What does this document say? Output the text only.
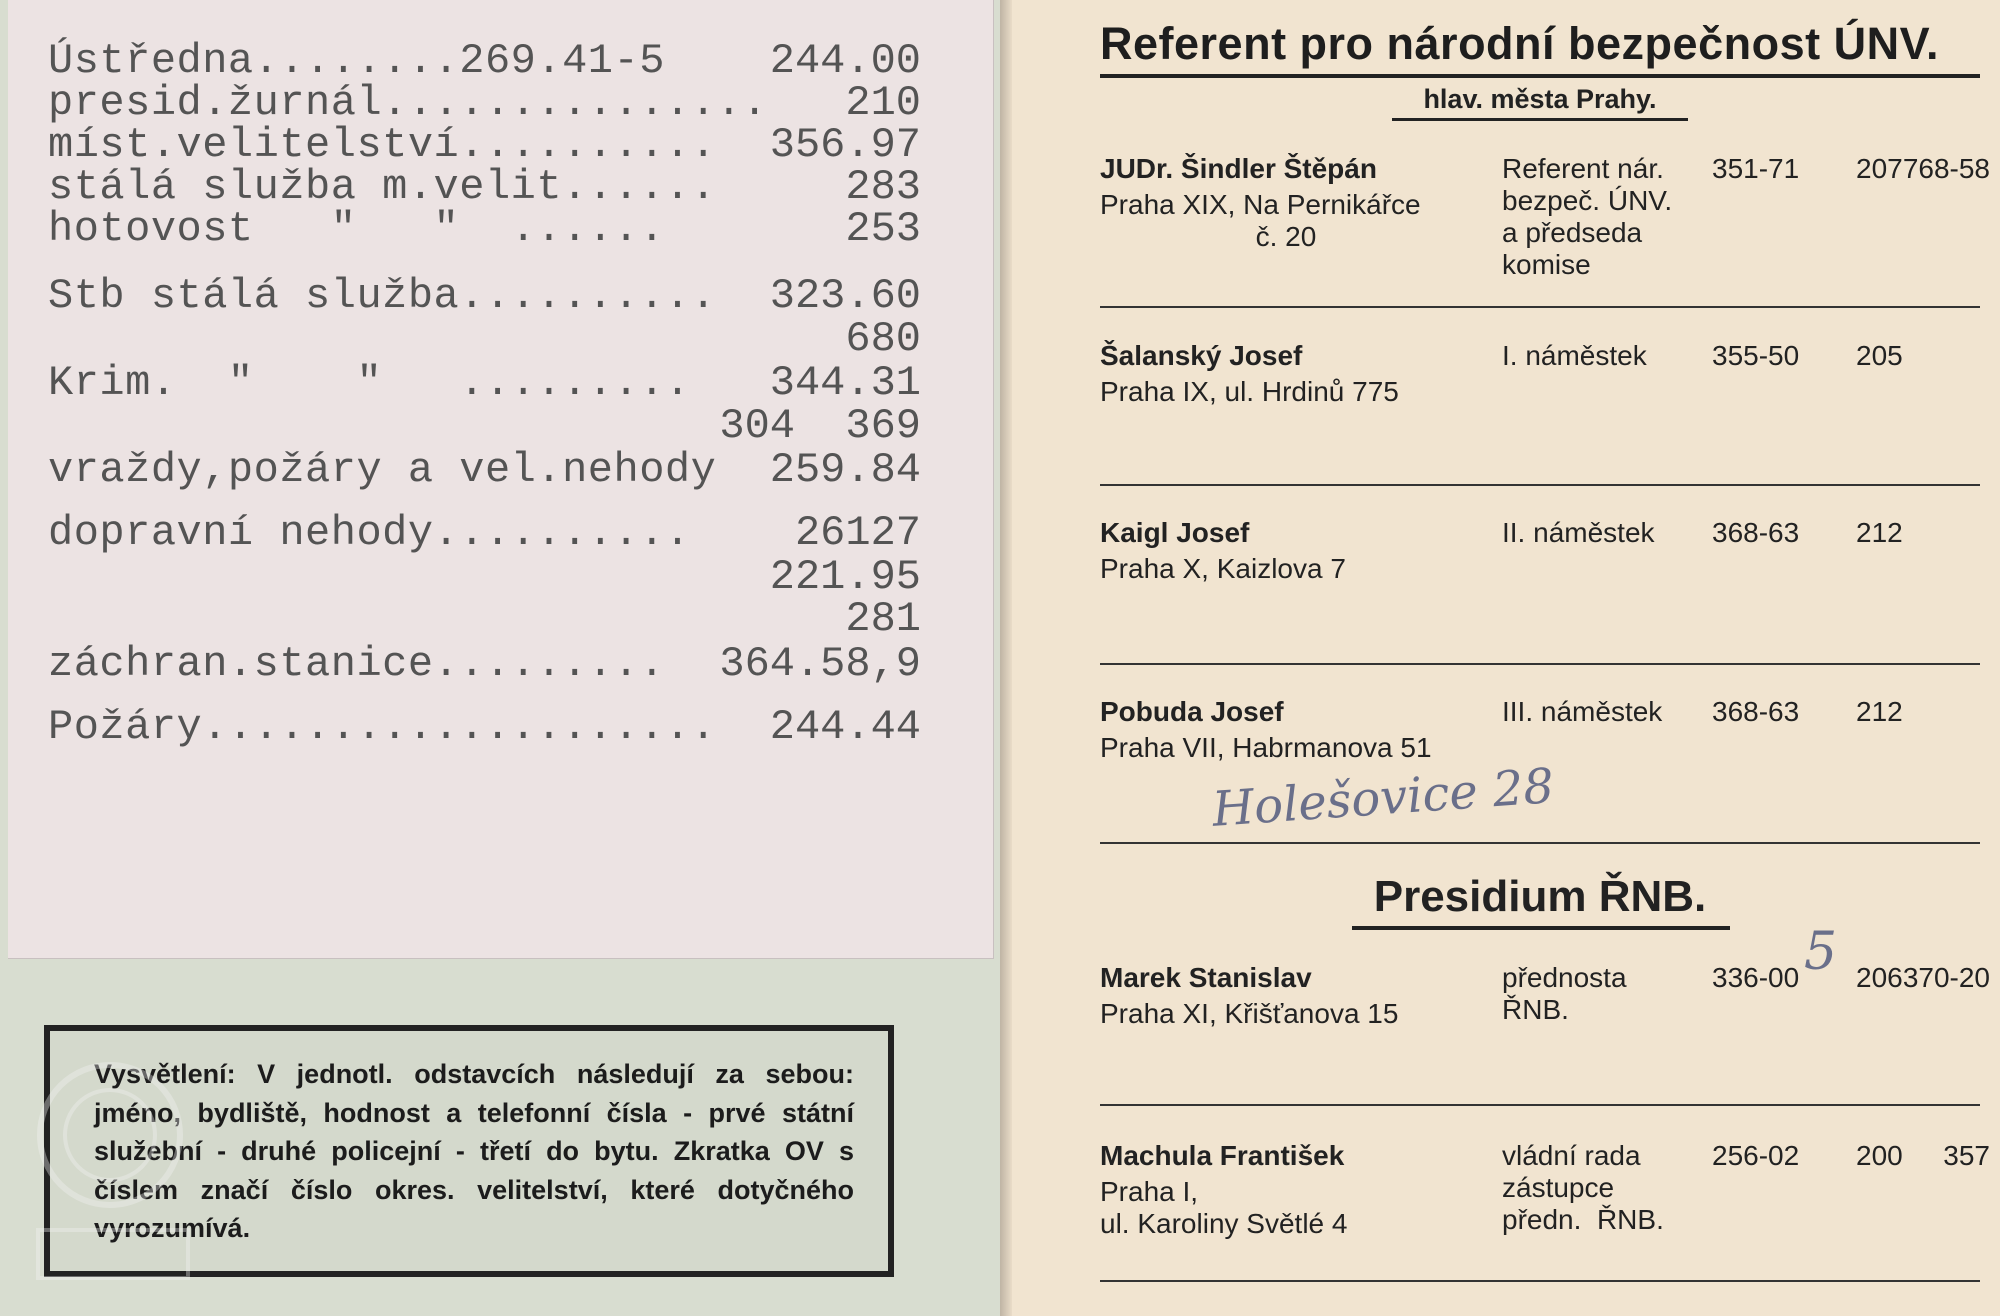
Ústředna........269.41-5 244.00
presid.žurnál............... 210
míst.velitelství.......... 356.97
stálá služba m.velit......	283
hotovost   "   "  ......	253
Stb stálá služba.......... 323.60
680
Krim.  "    "   ......... 344.31
304  369
vraždy,požáry a vel.nehody 259.84
dopravní nehody.......... 26127
221.95
281
záchran.stanice......... 364.58,9
Požáry.................... 244.44
Vysvětlení: V jednotl. odstavcích následují za sebou: jméno, bydliště, hodnost a telefonní čísla - prvé státní služební - druhé policejní - třetí do bytu. Zkratka OV s číslem značí číslo okres. velitelství, které dotyčného vyrozumívá.
Referent pro národní bezpečnost ÚNV.
hlav. města Prahy.
JUDr. Šindler Štěpán
Praha XIX, Na Pernikářce
č. 20
Referent nár.
bezpeč. ÚNV.
a předseda
komise
351-71 207 768-58
Šalanský Josef
Praha IX, ul. Hrdinů 775
I. náměstek 355-50 205
Kaigl Josef
Praha X, Kaizlova 7
II. náměstek 368-63 212
Pobuda Josef
Praha VII, Habrmanova 51
III. náměstek 368-63 212
Holešovice 28
Presidium ŘNB.
Marek Stanislav
Praha XI, Křišťanova 15
přednosta
ŘNB.
336-00 206 370-20
5
Machula František
Praha I,
ul. Karoliny Světlé 4
vládní rada
zástupce
předn.  ŘNB.
256-02 200 357
